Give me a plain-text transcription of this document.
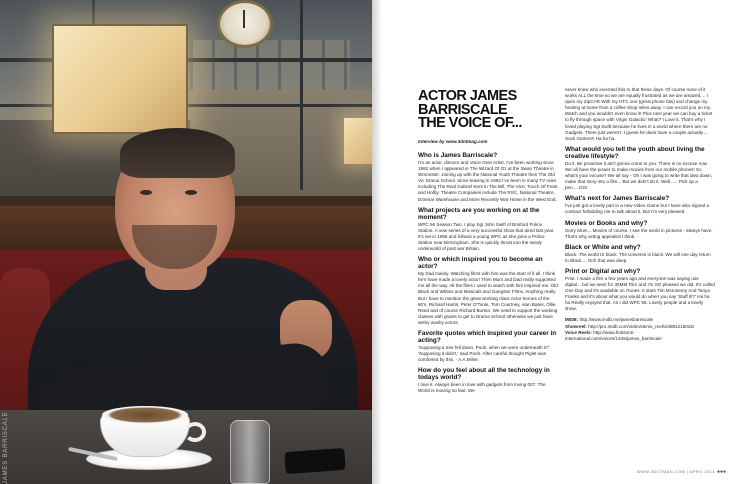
JAMES BARRISCALE
ACTOR JAMES
BARRISCALE
THE VOICE OF...
Interview by www.3dotmag.com
Who is James Barriscale?
I'm an actor, director and Voice Over Artist. I've been working since 1982 when I appeared in The Wizard Of Oz at the Swan Theatre in Worcester. Joining up with the National Youth Theatre then The Old Vic Drama School. Since leaving in 1992 I've been in many TV roles including The Real Gabriel Kent in The Bill, The Vice, Touch Of Frost and Holby. Theatre Companies include The RSC, National Theatre, Donmar Warehouse and More Recently War Horse in the West End.
What projects are you working on at the moment?
WPC 56 Season Two. I play Sgt John Swift of Brinford Police Station. A new series of a very successful show that aired last year. It's set in 1956 and follows a young WPC as she joins a Police Station near Birmingham. She is quickly thrust into the seedy underworld of post war Britain.
Who or which inspired you to become an actor?
My Dad mainly. Watching films with him was the start of it all. I think he's have made a lovely actor! Then Mum and Dad really supported me all the way. All the films I used to watch with him inspired me. Old Black and Whites and Musicals and Gangster Films. Anything really. But I have to mention the great working class Actor heroes of the 60's. Richard Harris, Peter O'Toole, Tom Courtney, Alan Bates, Ollie Reed and of course Richard Burton. We need to support the working classes with grants to get to Drama School otherwise we just have wishy washy actors.
Favorite quotes which inspired your career in acting?
'Supposing a tree fell down, Pooh, when we were underneath it?' 'Supposing it didn't,' said Pooh. After careful thought Piglet was comforted by this. - A.A.Milne.
How do you feel about all the technology in todays world?
I love it. Always been in love with gadgets from loving 007. The World is moving so fast. We
never knew who invented this to that these days. Of course none of it works ALL the time so we are equally frustrated as we are amazed.... I open my ZipCAR With my HTC one (great phone btw) and change my heating at home from a coffee shop miles away. I can record you on my Watch and you wouldn't even know it! Plus next year we can buy a ticket to fly through space with Virgin Galactic! What? I Love it. That's why I loved playing Sgt Swift because he lives in a world where there are no Gadgets. There just weren't. I guess he does have a couple actually.... Sock Garters!! Ha ha ha.
What would you tell the youth about living the creative lifestyle?
Do it. Be proactive it ain't gonna come to you. There is no excuse now. We all have the power to make movies from our mobile phones! So what's your excuse? We all say - Oh I was going to write that idea down, make that story into a film... But we didn't do it. Well...... Pick up a pen.....GO!
What's next for James Barriscale?
I've just got a lovely part in a new Video Game but I have also signed a contract forbidding me to talk about it. But I'm very pleased.
Movies or Books and why?
Sorry Mum....Movies of course. I see the world in pictures - always have. That's why acting appealed I think.
Black or White and why?
Black. The world IS black. The Universe is black. We will one day return to Black.... Ooh that was deep.
Print or Digital and why?
Print. I made a film a few years ago and everyone was saying use digital... but we went for 35MM Film and I'm SO pleased we did. It's called One Day and it's available on iTunes. It stars Tim McInnerny And Tanya Franks and it's about what you would do when you say 'Stuff it!?' Ha ha ha Really enjoyed that. As I did WPC 56. Lovely people and a lovely show.
IMDB: http://www.imdb.me/jamesbarriscale
Showreel: http://pro.imdb.com/video/demo_reel/vi3881216025/
Voice Reels: http://www.hobsons-international.com/voices/1445/james_barriscale
WWW.3DOTMAG.COM | APRIL 2014 ●●●
